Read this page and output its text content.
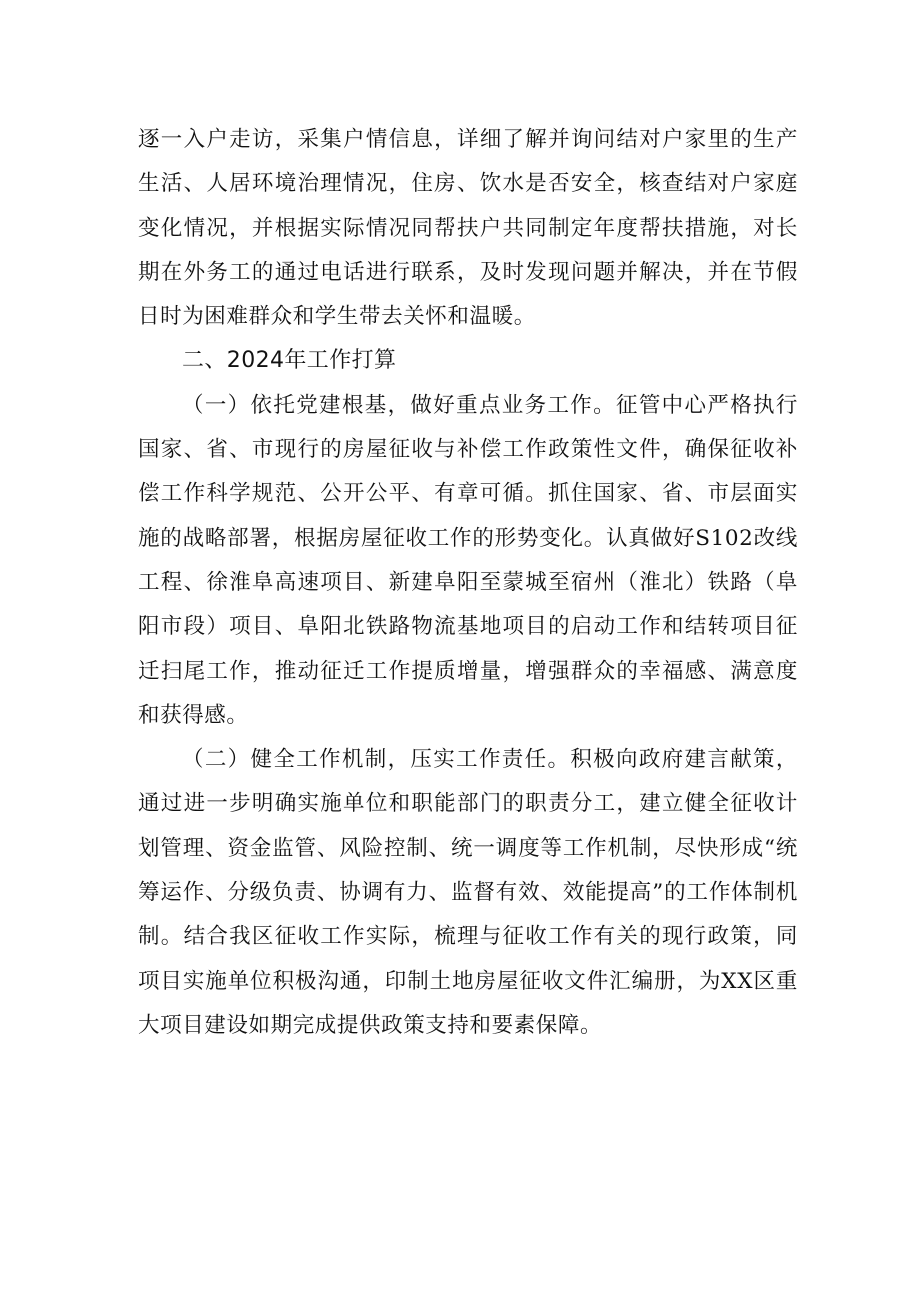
逐一入户走访，采集户情信息，详细了解并询问结对户家里的生产生活、人居环境治理情况，住房、饮水是否安全，核查结对户家庭变化情况，并根据实际情况同帮扶户共同制定年度帮扶措施，对长期在外务工的通过电话进行联系，及时发现问题并解决，并在节假日时为困难群众和学生带去关怀和温暖。

二、2024年工作打算

（一）依托党建根基，做好重点业务工作。征管中心严格执行国家、省、市现行的房屋征收与补偿工作政策性文件，确保征收补偿工作科学规范、公开公平、有章可循。抓住国家、省、市层面实施的战略部署，根据房屋征收工作的形势变化。认真做好S102改线工程、徐淮阜高速项目、新建阜阳至蒙城至宿州（淮北）铁路（阜阳市段）项目、阜阳北铁路物流基地项目的启动工作和结转项目征迁扫尾工作，推动征迁工作提质增量，增强群众的幸福感、满意度和获得感。

（二）健全工作机制，压实工作责任。积极向政府建言献策，通过进一步明确实施单位和职能部门的职责分工，建立健全征收计划管理、资金监管、风险控制、统一调度等工作机制，尽快形成“统筹运作、分级负责、协调有力、监督有效、效能提高”的工作体制机制。结合我区征收工作实际，梳理与征收工作有关的现行政策，同项目实施单位积极沟通，印制土地房屋征收文件汇编册，为XX区重大项目建设如期完成提供政策支持和要素保障。
